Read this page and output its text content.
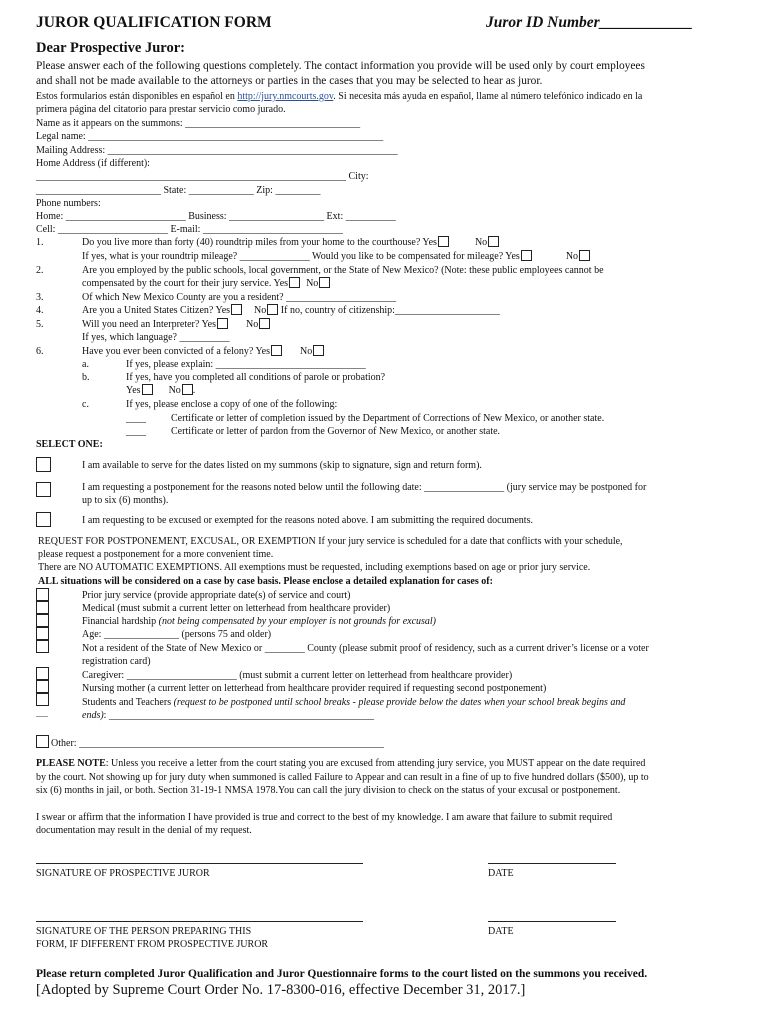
JUROR QUALIFICATION FORM	Juror ID Number____________
Dear Prospective Juror:
Please answer each of the following questions completely. The contact information you provide will be used only by court employees
and shall not be made available to the attorneys or parties in the cases that you may be selected to hear as juror.
Estos formularios están disponibles en español en http://jury.nmcourts.gov. Si necesita más ayuda en español, llame al número telefónico indicado en la
primera página del citatorio para prestar servicio como jurado.
Name as it appears on the summons: ___________________________________
Legal name: ___________________________________________________________
Mailing Address: __________________________________________________________
Home Address (if different):
______________________________________________________________ City:
_________________________ State: _____________ Zip: _________
Phone numbers:
Home: ________________________ Business: ___________________ Ext: __________
Cell: ______________________ E-mail: ____________________________
1.	Do you live more than forty (40) roundtrip miles from your home to the courthouse? Yes	No
If yes, what is your roundtrip mileage? ______________ Would you like to be compensated for mileage? Yes	No
2.	Are you employed by the public schools, local government, or the State of New Mexico? (Note: these public employees cannot be
compensated by the court for their jury service. Yes No
3.	Of which New Mexico County are you a resident? ______________________
4.	Are you a United States Citizen? Yes No If no, country of citizenship:_____________________
5.	Will you need an Interpreter? Yes	No
If yes, which language? __________
6.	Have you ever been convicted of a felony? Yes	No
a.	If yes, please explain: ______________________________
b.	If yes, have you completed all conditions of parole or probation?
Yes	No .
c.	If yes, please enclose a copy of one of the following:
____	Certificate or letter of completion issued by the Department of Corrections of New Mexico, or another state.
____	Certificate or letter of pardon from the Governor of New Mexico, or another state.
SELECT ONE:
I am available to serve for the dates listed on my summons (skip to signature, sign and return form).
I am requesting a postponement for the reasons noted below until the following date: ________________ (jury service may be postponed for
up to six (6) months).
I am requesting to be excused or exempted for the reasons noted above. I am submitting the required documents.
REQUEST FOR POSTPONEMENT, EXCUSAL, OR EXEMPTION If your jury service is scheduled for a date that conflicts with your schedule,
please request a postponement for a more convenient time.
There are NO AUTOMATIC EXEMPTIONS. All exemptions must be requested, including exemptions based on age or prior jury service.
ALL situations will be considered on a case by case basis. Please enclose a detailed explanation for cases of:
___
Prior jury service (provide appropriate date(s) of service and court)
Medical (must submit a current letter on letterhead from healthcare provider)
Financial hardship (not being compensated by your employer is not grounds for excusal)
Age: _______________ (persons 75 and older)
Not a resident of the State of New Mexico or ________ County (please submit proof of residency, such as a current driver’s license or a voter
registration card)
Caregiver: ______________________ (must submit a current letter on letterhead from healthcare provider)
Nursing mother (a current letter on letterhead from healthcare provider required if requesting second postponement)
Students and Teachers (request to be postponed until school breaks - please provide below the dates when your school break begins and
ends): _____________________________________________________
Other: _____________________________________________________________
PLEASE NOTE: Unless you receive a letter from the court stating you are excused from attending jury service, you MUST appear on the date required
by the court. Not showing up for jury duty when summoned is called Failure to Appear and can result in a fine of up to five hundred dollars ($500), up to
six (6) months in jail, or both. Section 31-19-1 NMSA 1978.You can call the jury division to check on the status of your excusal or postponement.
I swear or affirm that the information I have provided is true and correct to the best of my knowledge. I am aware that failure to submit required
documentation may result in the denial of my request.
SIGNATURE OF PROSPECTIVE JUROR	DATE
SIGNATURE OF THE PERSON PREPARING THIS
FORM, IF DIFFERENT FROM PROSPECTIVE JUROR
DATE
Please return completed Juror Qualification and Juror Questionnaire forms to the court listed on the summons you received.
[Adopted by Supreme Court Order No. 17-8300-016, effective December 31, 2017.]
